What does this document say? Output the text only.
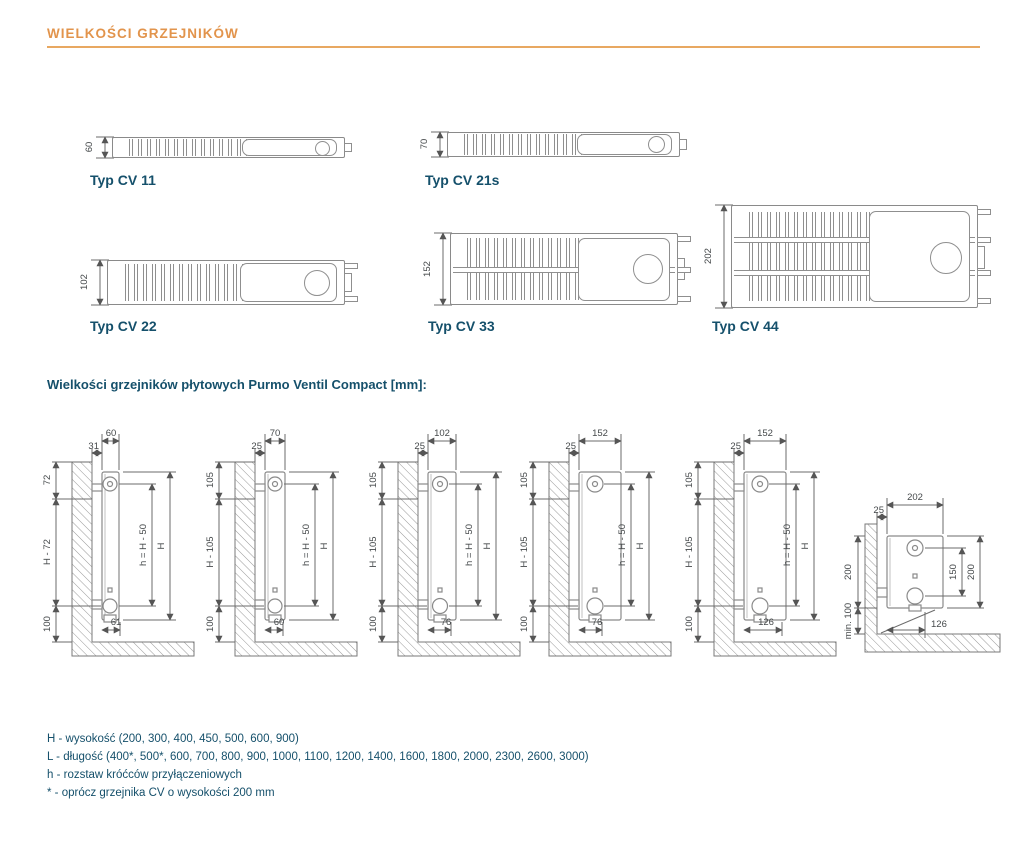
WIELKOŚCI GRZEJNIKÓW
60
Typ CV 11
70
Typ CV 21s
102
Typ CV 22
152
Typ CV 33
202
Typ CV 44
Wielkości grzejników płytowych Purmo Ventil Compact [mm]:
31
60
72
H - 72
100
h = H - 50 H
61
25
70
105
H - 105
100
h = H - 50 H
60
25
102
105
H - 105
100
h = H - 50 H
76
25
152
105
H - 105
100
h = H - 50 H
76
25
152
105
H - 105
100
h = H - 50 H
126
25
202
200
min. 100
150 200
126
H - wysokość (200, 300, 400, 450, 500, 600, 900)
L - długość (400*, 500*, 600, 700, 800, 900, 1000, 1100, 1200, 1400, 1600, 1800, 2000, 2300, 2600, 3000)
h - rozstaw króćców przyłączeniowych
* - oprócz grzejnika CV o wysokości 200 mm
